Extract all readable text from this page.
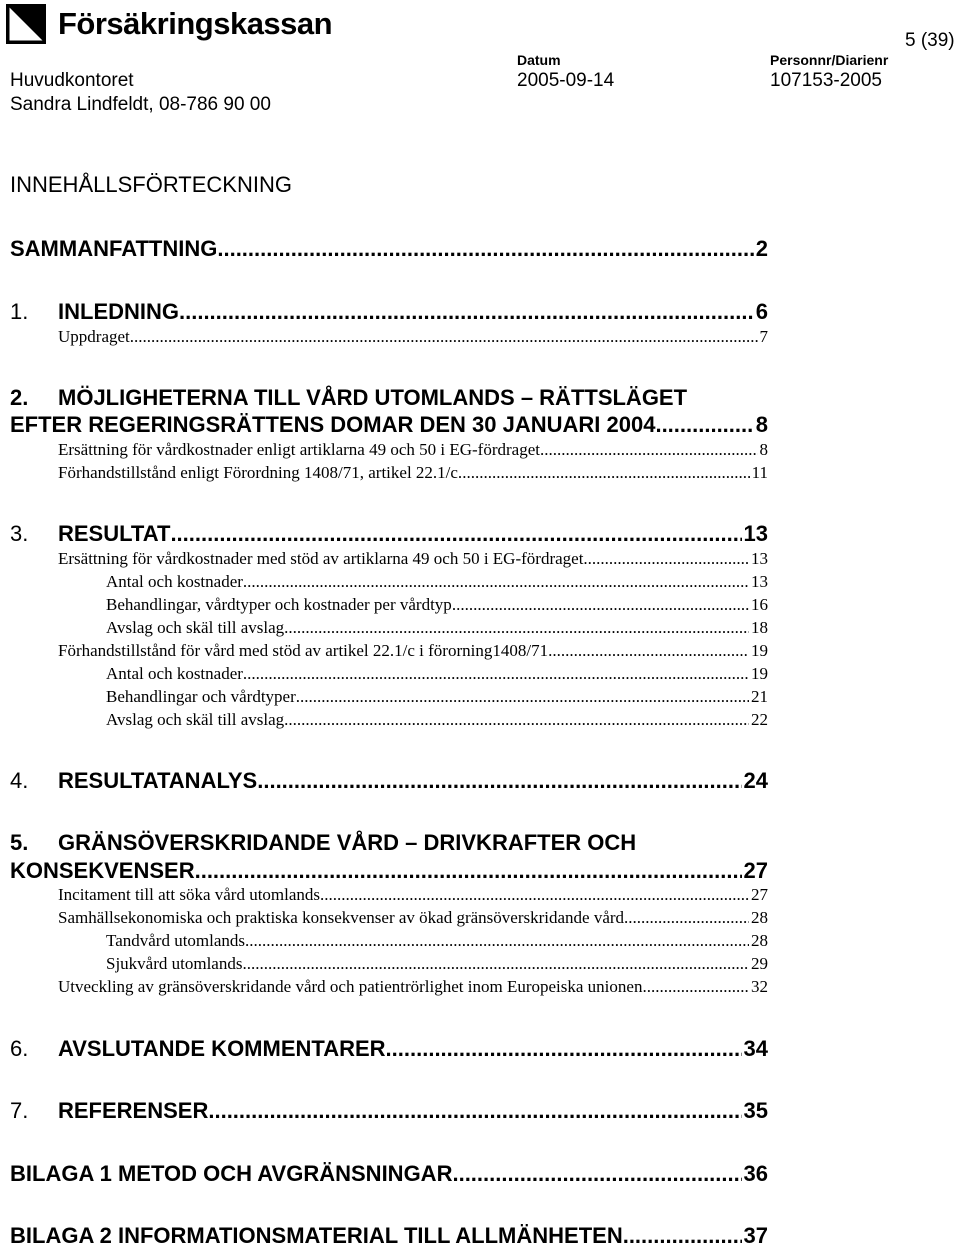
Försäkringskassan	5 (39)
Huvudkontoret
Sandra Lindfeldt, 08-786 90 00
Datum
2005-09-14
Personnr/Diarienr
107153-2005
INNEHÅLLSFÖRTECKNING
SAMMANFATTNING .....	2
1.	INLEDNING .....	6
Uppdraget .....	7
2. MÖJLIGHETERNA TILL VÅRD UTOMLANDS – RÄTTSLÄGET
EFTER REGERINGSRÄTTENS DOMAR DEN 30 JANUARI 2004. .....	8
Ersättning för vårdkostnader enligt artiklarna 49 och 50 i EG-fördraget. .....	8
Förhandstillstånd enligt Förordning 1408/71, artikel 22.1/c. .....	11
3.	RESULTAT .....	13
Ersättning för vårdkostnader med stöd av artiklarna 49 och 50 i EG-fördraget .....	13
Antal och kostnader .....	13
Behandlingar, vårdtyper och kostnader per vårdtyp .....	16
Avslag och skäl till avslag .....	18
Förhandstillstånd för vård med stöd av artikel 22.1/c i förorning1408/71 .....	19
Antal och kostnader .....	19
Behandlingar och vårdtyper .....	21
Avslag och skäl till avslag .....	22
4.	RESULTATANALYS .....	24
5. GRÄNSÖVERSKRIDANDE VÅRD – DRIVKRAFTER OCH
KONSEKVENSER .....	27
Incitament till att söka vård utomlands .....	27
Samhällsekonomiska och praktiska konsekvenser av ökad gränsöverskridande vård .....	28
Tandvård utomlands .....	28
Sjukvård utomlands .....	29
Utveckling av gränsöverskridande vård och patientrörlighet inom Europeiska unionen .....	32
6.	AVSLUTANDE KOMMENTARER .....	34
7.	REFERENSER .....	35
BILAGA 1 METOD OCH AVGRÄNSNINGAR .....	36
BILAGA 2 INFORMATIONSMATERIAL TILL ALLMÄNHETEN .....	37
